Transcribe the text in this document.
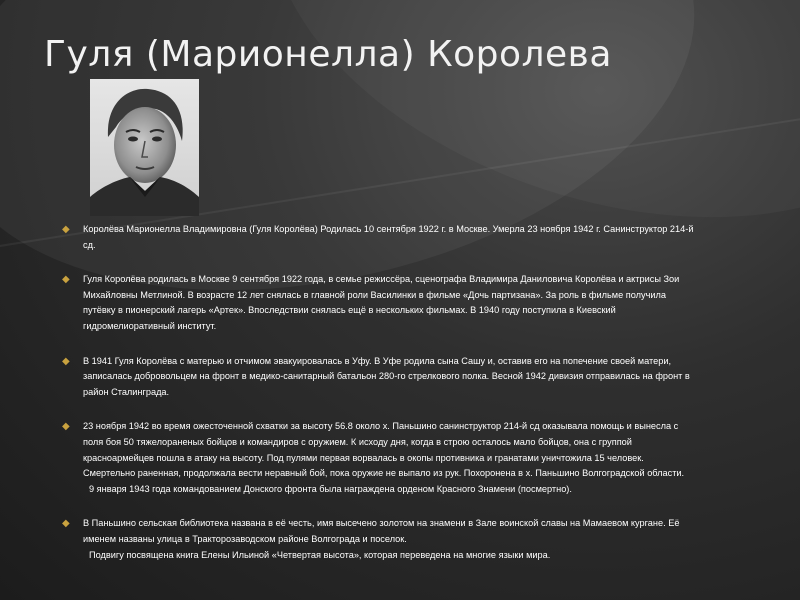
Гуля (Марионелла) Королева
◆ Королёва Марионелла Владимировна (Гуля Королёва) Родилась 10 сентября 1922 г. в Москве. Умерла 23 ноября 1942 г. Санинструктор 214-й сд.
◆ Гуля Королёва родилась в Москве 9 сентября 1922 года, в семье режиссёра, сценографа Владимира Даниловича Королёва и актрисы Зои Михайловны Метлиной. В возрасте 12 лет снялась в главной роли Василинки в фильме «Дочь партизана». За роль в фильме получила путёвку в пионерский лагерь «Артек». Впоследствии снялась ещё в нескольких фильмах. В 1940 году поступила в Киевский гидромелиоративный институт.
◆ В 1941 Гуля Королёва с матерью и отчимом эвакуировалась в Уфу. В Уфе родила сына Сашу и, оставив его на попечение своей матери, записалась добровольцем на фронт в медико-санитарный батальон 280-го стрелкового полка. Весной 1942 дивизия отправилась на фронт в район Сталинграда.
◆ 23 ноября 1942 во время ожесточенной схватки за высоту 56.8 около х. Паньшино санинструктор 214-й сд оказывала помощь и вынесла с поля боя 50 тяжелораненых бойцов и командиров с оружием. К исходу дня, когда в строю осталось мало бойцов, она с группой красноармейцев пошла в атаку на высоту. Под пулями первая ворвалась в окопы противника и гранатами уничтожила 15 человек. Смертельно раненная, продолжала вести неравный бой, пока оружие не выпало из рук. Похоронена в х. Паньшино Волгоградской области.
9 января 1943 года командованием Донского фронта была награждена орденом Красного Знамени (посмертно).
◆ В Паньшино сельская библиотека названа в её честь, имя высечено золотом на знамени в Зале воинской славы на Мамаевом кургане. Её именем названы улица в Тракторозаводском районе Волгограда и поселок.
Подвигу посвящена книга Елены Ильиной «Четвертая высота», которая переведена на многие языки мира.
